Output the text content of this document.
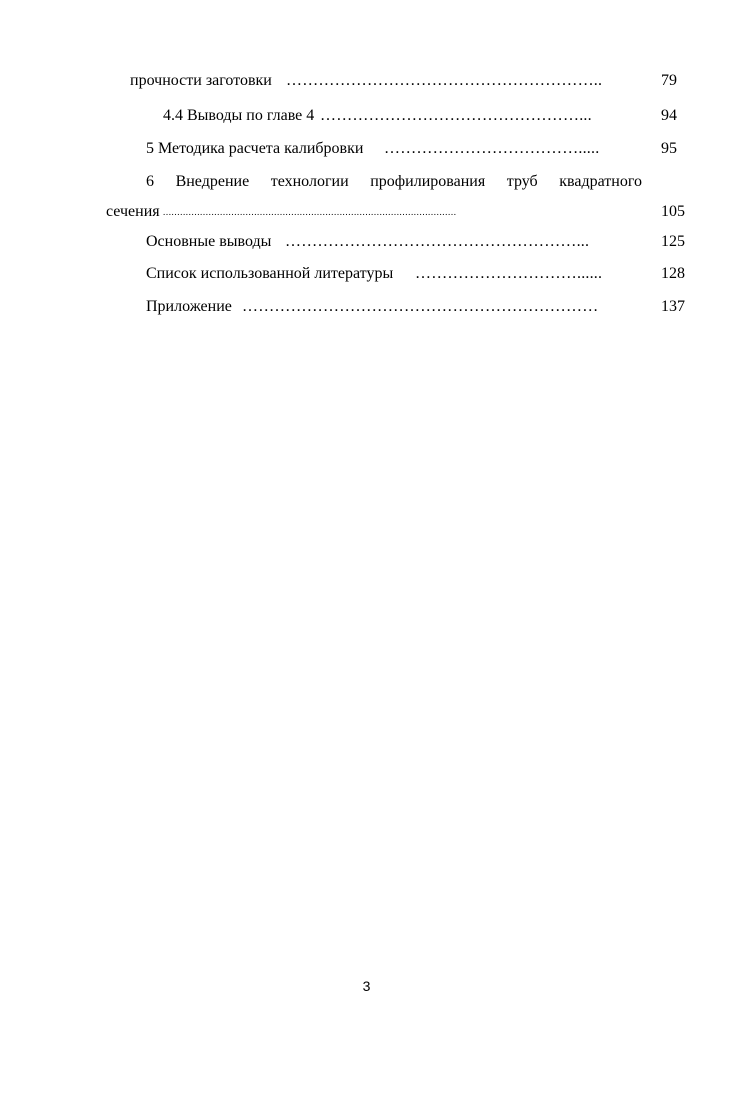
прочности заготовки …………………………………………………..	79
4.4 Выводы по главе 4 …………………………………………...	94
5 Методика расчета калибровки ……………………………….....	95
6 Внедрение технологии профилирования труб квадратного
сечения .......................................................................................................	105
Основные выводы ………………………………………………...	125
Список использованной литературы …………………………......	128
Приложение …………………………………………………………	137
3
